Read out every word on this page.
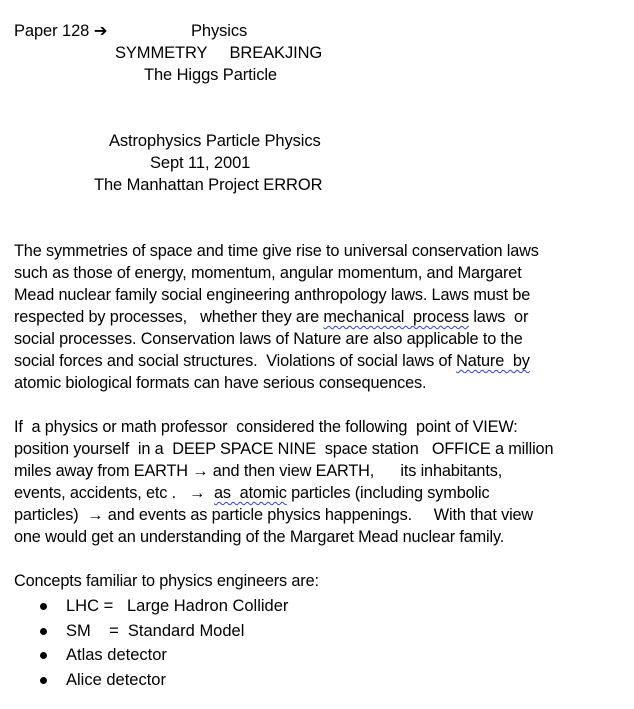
Paper 128 ➔	Physics
SYMMETRY     BREAKJING
The Higgs Particle
Astrophysics Particle Physics
Sept 11, 2001
The Manhattan Project ERROR
The symmetries of space and time give rise to universal conservation laws
such as those of energy, momentum, angular momentum, and Margaret
Mead nuclear family social engineering anthropology laws. Laws must be
respected by processes,   whether they are mechanical  process laws  or
social processes. Conservation laws of Nature are also applicable to the
social forces and social structures.  Violations of social laws of Nature  by
atomic biological formats can have serious consequences.
If  a physics or math professor  considered the following  point of VIEW:
position yourself  in a  DEEP SPACE NINE  space station   OFFICE a million
miles away from EARTH → and then view EARTH,      its inhabitants,
events, accidents, etc .   →  as  atomic particles (including symbolic
particles)  → and events as particle physics happenings.     With that view
one would get an understanding of the Margaret Mead nuclear family.
Concepts familiar to physics engineers are:
LHC =   Large Hadron Collider
SM    =  Standard Model
Atlas detector
Alice detector
